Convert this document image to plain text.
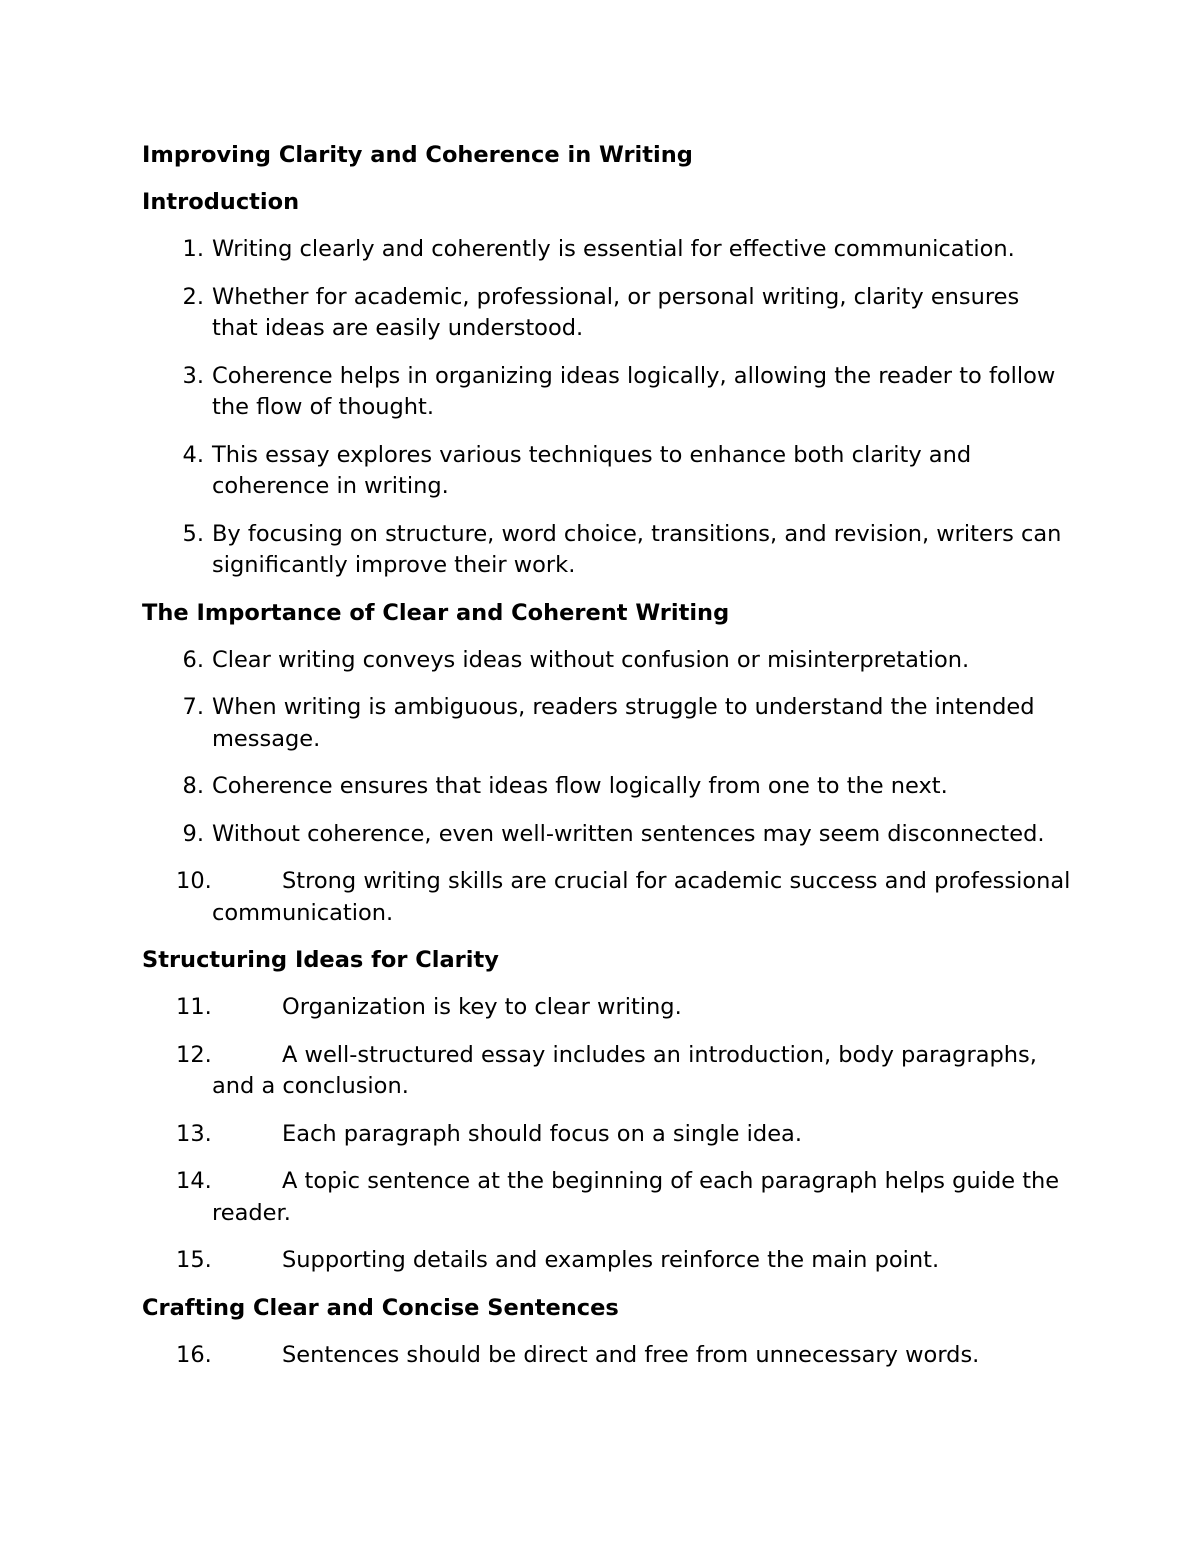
Improving Clarity and Coherence in Writing
Introduction
1. Writing clearly and coherently is essential for effective communication.
2. Whether for academic, professional, or personal writing, clarity ensures that ideas are easily understood.
3. Coherence helps in organizing ideas logically, allowing the reader to follow the flow of thought.
4. This essay explores various techniques to enhance both clarity and coherence in writing.
5. By focusing on structure, word choice, transitions, and revision, writers can significantly improve their work.
The Importance of Clear and Coherent Writing
6. Clear writing conveys ideas without confusion or misinterpretation.
7. When writing is ambiguous, readers struggle to understand the intended message.
8. Coherence ensures that ideas flow logically from one to the next.
9. Without coherence, even well-written sentences may seem disconnected.
10.	Strong writing skills are crucial for academic success and professional communication.
Structuring Ideas for Clarity
11.	Organization is key to clear writing.
12.	A well-structured essay includes an introduction, body paragraphs, and a conclusion.
13.	Each paragraph should focus on a single idea.
14.	A topic sentence at the beginning of each paragraph helps guide the reader.
15.	Supporting details and examples reinforce the main point.
Crafting Clear and Concise Sentences
16.	Sentences should be direct and free from unnecessary words.
